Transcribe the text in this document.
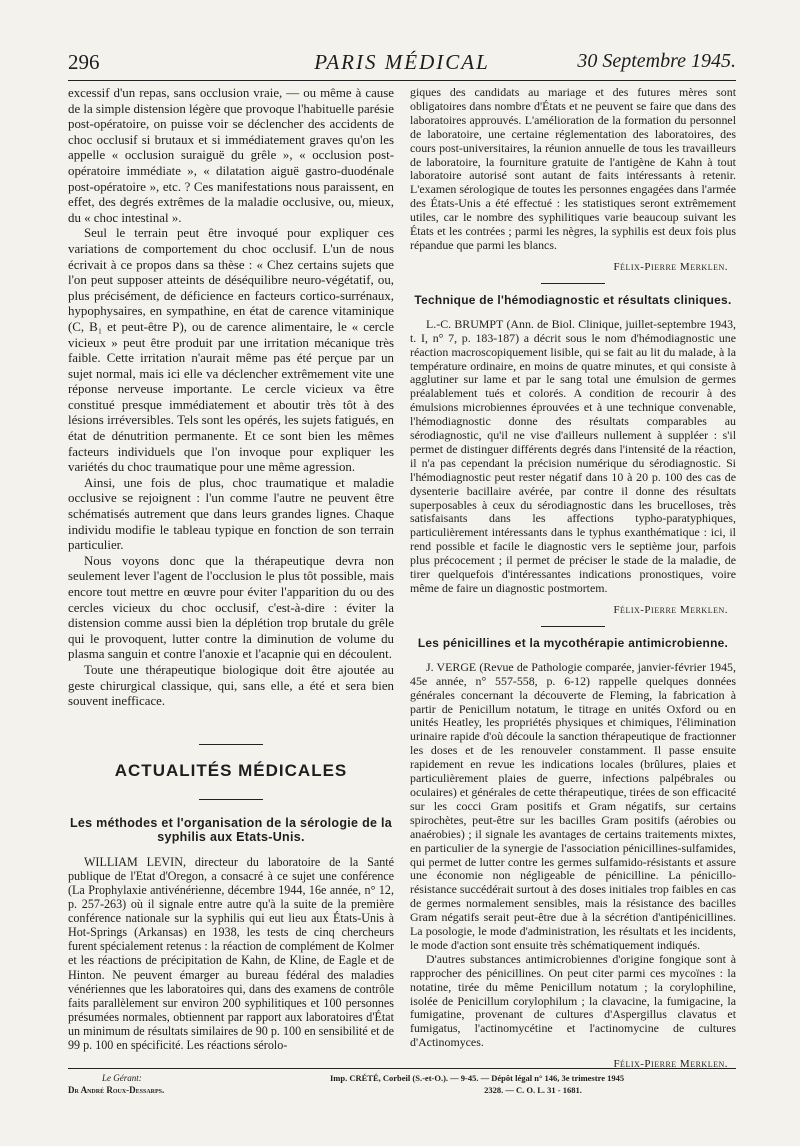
296	PARIS MÉDICAL	30 Septembre 1945.

excessif d'un repas, sans occlusion vraie, — ou même à cause de la simple distension légère que provoque l'habituelle parésie post-opératoire, on puisse voir se déclencher des accidents de choc occlusif si brutaux et si immédiatement graves qu'on les appelle « occlusion suraiguë du grêle », « occlusion post-opératoire immédiate », « dilatation aiguë gastro-duodénale post-opératoire », etc. ? Ces manifestations nous paraissent, en effet, des degrés extrêmes de la maladie occlusive, ou, mieux, du « choc intestinal ».

Seul le terrain peut être invoqué pour expliquer ces variations de comportement du choc occlusif. L'un de nous écrivait à ce propos dans sa thèse : « Chez certains sujets que l'on peut supposer atteints de déséquilibre neuro-végétatif, ou, plus précisément, de déficience en facteurs cortico-surrénaux, hypophysaires, en sympathine, en état de carence vitaminique (C, B₁ et peut-être P), ou de carence alimentaire, le « cercle vicieux » peut être produit par une irritation mécanique très faible. Cette irritation n'aurait même pas été perçue par un sujet normal, mais ici elle va déclencher extrêmement vite une réponse nerveuse importante. Le cercle vicieux va être constitué presque immédiatement et aboutir très tôt à des lésions irréversibles. Tels sont les opérés, les sujets fatigués, en état de dénutrition permanente. Et ce sont bien les mêmes facteurs individuels que l'on invoque pour expliquer les variétés du choc traumatique pour une même agression.

Ainsi, une fois de plus, choc traumatique et maladie occlusive se rejoignent : l'un comme l'autre ne peuvent être schématisés autrement que dans leurs grandes lignes. Chaque individu modifie le tableau typique en fonction de son terrain particulier.

Nous voyons donc que la thérapeutique devra non seulement lever l'agent de l'occlusion le plus tôt possible, mais encore tout mettre en œuvre pour éviter l'apparition du ou des cercles vicieux du choc occlusif, c'est-à-dire : éviter la distension comme aussi bien la déplétion trop brutale du grêle qui le provoquent, lutter contre la diminution de volume du plasma sanguin et contre l'anoxie et l'acapnie qui en découlent.

Toute une thérapeutique biologique doit être ajoutée au geste chirurgical classique, qui, sans elle, a été et sera bien souvent inefficace.

ACTUALITÉS MÉDICALES

Les méthodes et l'organisation de la sérologie de la syphilis aux Etats-Unis.

WILLIAM LEVIN, directeur du laboratoire de la Santé publique de l'Etat d'Oregon, a consacré à ce sujet une conférence (La Prophylaxie antivénérienne, décembre 1944, 16e année, n° 12, p. 257-263) où il signale entre autre qu'à la suite de la première conférence nationale sur la syphilis qui eut lieu aux États-Unis à Hot-Springs (Arkansas) en 1938, les tests de cinq chercheurs furent spécialement retenus : la réaction de complément de Kolmer et les réactions de précipitation de Kahn, de Kline, de Eagle et de Hinton. Ne peuvent émarger au bureau fédéral des maladies vénériennes que les laboratoires qui, dans des examens de contrôle faits parallèlement sur environ 200 syphilitiques et 100 personnes présumées normales, obtiennent par rapport aux laboratoires d'État un minimum de résultats similaires de 90 p. 100 en sensibilité et de 99 p. 100 en spécificité. Les réactions sérolo-

giques des candidats au mariage et des futures mères sont obligatoires dans nombre d'États et ne peuvent se faire que dans des laboratoires approuvés. L'amélioration de la formation du personnel de laboratoire, une certaine réglementation des laboratoires, des cours post-universitaires, la réunion annuelle de tous les travailleurs de laboratoire, la fourniture gratuite de l'antigène de Kahn à tout laboratoire autorisé sont autant de faits intéressants à retenir. L'examen sérologique de toutes les personnes engagées dans l'armée des États-Unis a été effectué : les statistiques seront extrêmement utiles, car le nombre des syphilitiques varie beaucoup suivant les États et les contrées ; parmi les nègres, la syphilis est deux fois plus répandue que parmi les blancs.

Félix-Pierre Merklen.

Technique de l'hémodiagnostic et résultats cliniques.

L.-C. BRUMPT (Ann. de Biol. Clinique, juillet-septembre 1943, t. I, n° 7, p. 183-187) a décrit sous le nom d'hémodiagnostic une réaction macroscopiquement lisible, qui se fait au lit du malade, à la température ordinaire, en moins de quatre minutes, et qui consiste à agglutiner sur lame et par le sang total une émulsion de germes préalablement tués et colorés. A condition de recourir à des émulsions microbiennes éprouvées et à une technique convenable, l'hémodiagnostic donne des résultats comparables au sérodiagnostic, qu'il ne vise d'ailleurs nullement à suppléer : s'il permet de distinguer différents degrés dans l'intensité de la réaction, il n'a pas cependant la précision numérique du sérodiagnostic. Si l'hémodiagnostic peut rester négatif dans 10 à 20 p. 100 des cas de dysenterie bacillaire avérée, par contre il donne des résultats superposables à ceux du sérodiagnostic dans les brucelloses, très satisfaisants dans les affections typho-paratyphiques, particulièrement intéressants dans le typhus exanthématique : ici, il rend possible et facile le diagnostic vers le septième jour, parfois plus précocement ; il permet de préciser le stade de la maladie, de tirer quelquefois d'intéressantes indications pronostiques, voire même de faire un diagnostic postmortem.

Félix-Pierre Merklen.

Les pénicillines et la mycothérapie antimicrobienne.

J. VERGE (Revue de Pathologie comparée, janvier-février 1945, 45e année, n° 557-558, p. 6-12) rappelle quelques données générales concernant la découverte de Fleming, la fabrication à partir de Penicillum notatum, le titrage en unités Oxford ou en unités Heatley, les propriétés physiques et chimiques, l'élimination urinaire rapide d'où découle la sanction thérapeutique de fractionner les doses et de les renouveler constamment. Il passe ensuite rapidement en revue les indications locales (brûlures, plaies et particulièrement plaies de guerre, infections palpébrales ou oculaires) et générales de cette thérapeutique, tirées de son efficacité sur les cocci Gram positifs et Gram négatifs, sur certains spirochètes, peut-être sur les bacilles Gram positifs (aérobies ou anaérobies) ; il signale les avantages de certains traitements mixtes, en particulier de la synergie de l'association pénicillines-sulfamides, qui permet de lutter contre les germes sulfamido-résistants et assure une économie non négligeable de pénicilline. La pénicillo-résistance succédérait surtout à des doses initiales trop faibles en cas de germes normalement sensibles, mais la résistance des bacilles Gram négatifs serait peut-être due à la sécrétion d'antipénicillines. La posologie, le mode d'administration, les résultats et les incidents, le mode d'action sont ensuite très schématiquement indiqués.

D'autres substances antimicrobiennes d'origine fongique sont à rapprocher des pénicillines. On peut citer parmi ces mycoïnes : la notatine, tirée du même Penicillum notatum ; la corylophiline, isolée de Penicillum corylophilum ; la clavacine, la fumigacine, la fumigatine, provenant de cultures d'Aspergillus clavatus et fumigatus, l'actinomycétine et l'actinomycine de cultures d'Actinomyces.

Félix-Pierre Merklen.
Le Gérant:
Dr André Roux-Dessarps.
Imp. CRÉTÉ, Corbeil (S.-et-O.). — 9-45. — Dépôt légal n° 146, 3e trimestre 1945
2328. — C. O. L. 31 - 1681.
